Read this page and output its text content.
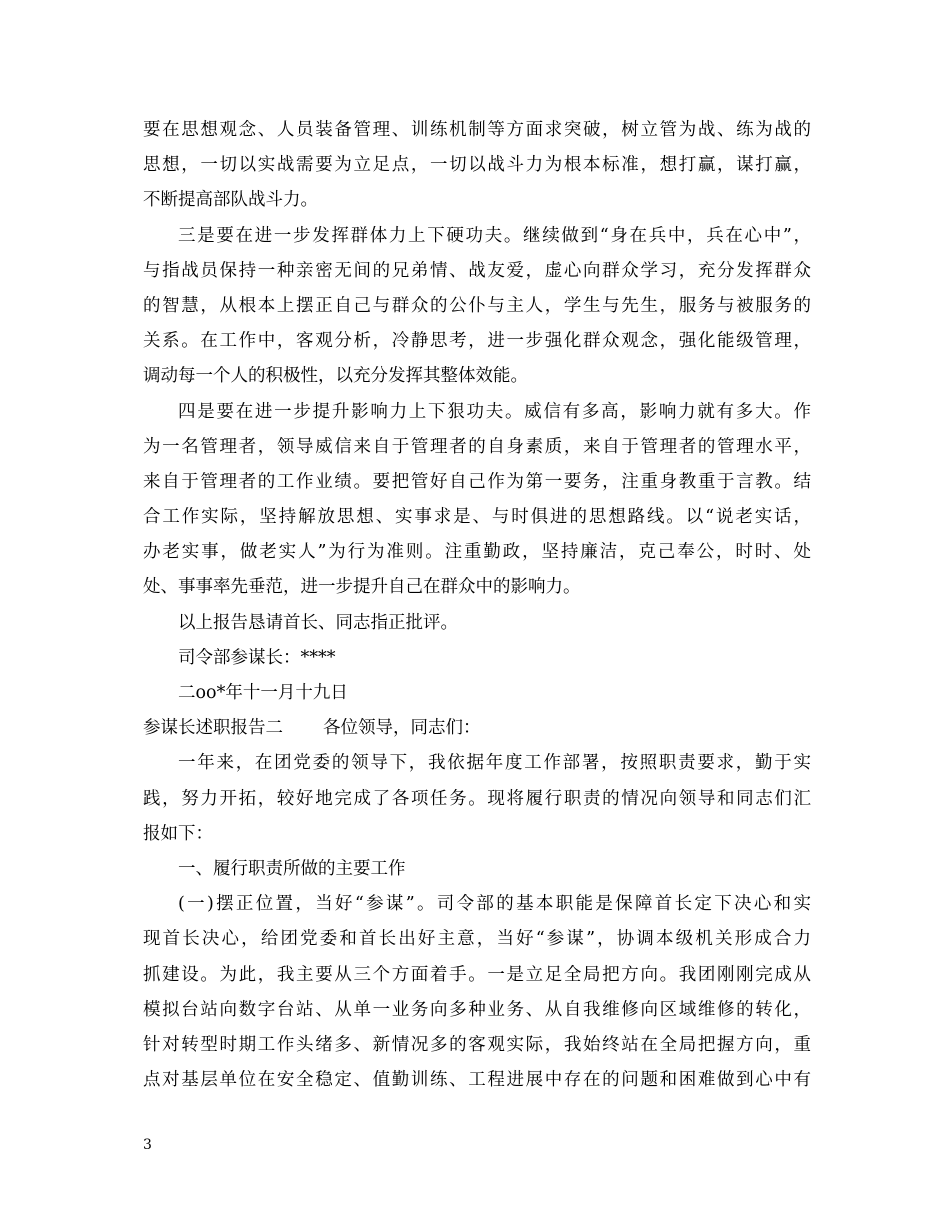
要在思想观念、人员装备管理、训练机制等方面求突破，树立管为战、练为战的
思想，一切以实战需要为立足点，一切以战斗力为根本标准，想打赢，谋打赢，
不断提高部队战斗力。
三是要在进一步发挥群体力上下硬功夫。继续做到“身在兵中，兵在心中”，
与指战员保持一种亲密无间的兄弟情、战友爱，虚心向群众学习，充分发挥群众
的智慧，从根本上摆正自己与群众的公仆与主人，学生与先生，服务与被服务的
关系。在工作中，客观分析，冷静思考，进一步强化群众观念，强化能级管理，
调动每一个人的积极性，以充分发挥其整体效能。
四是要在进一步提升影响力上下狠功夫。威信有多高，影响力就有多大。作
为一名管理者，领导威信来自于管理者的自身素质，来自于管理者的管理水平，
来自于管理者的工作业绩。要把管好自己作为第一要务，注重身教重于言教。结
合工作实际，坚持解放思想、实事求是、与时俱进的思想路线。以“说老实话，
办老实事，做老实人”为行为准则。注重勤政，坚持廉洁，克己奉公，时时、处
处、事事率先垂范，进一步提升自己在群众中的影响力。
以上报告恳请首长、同志指正批评。
司令部参谋长：****
二oo*年十一月十九日
参谋长述职报告二 各位领导，同志们：
一年来，在团党委的领导下，我依据年度工作部署，按照职责要求，勤于实
践，努力开拓，较好地完成了各项任务。现将履行职责的情况向领导和同志们汇
报如下：
一、履行职责所做的主要工作
(一)摆正位置，当好“参谋”。司令部的基本职能是保障首长定下决心和实
现首长决心，给团党委和首长出好主意，当好“参谋”，协调本级机关形成合力
抓建设。为此，我主要从三个方面着手。一是立足全局把方向。我团刚刚完成从
模拟台站向数字台站、从单一业务向多种业务、从自我维修向区域维修的转化，
针对转型时期工作头绪多、新情况多的客观实际，我始终站在全局把握方向，重
点对基层单位在安全稳定、值勤训练、工程进展中存在的问题和困难做到心中有
3
